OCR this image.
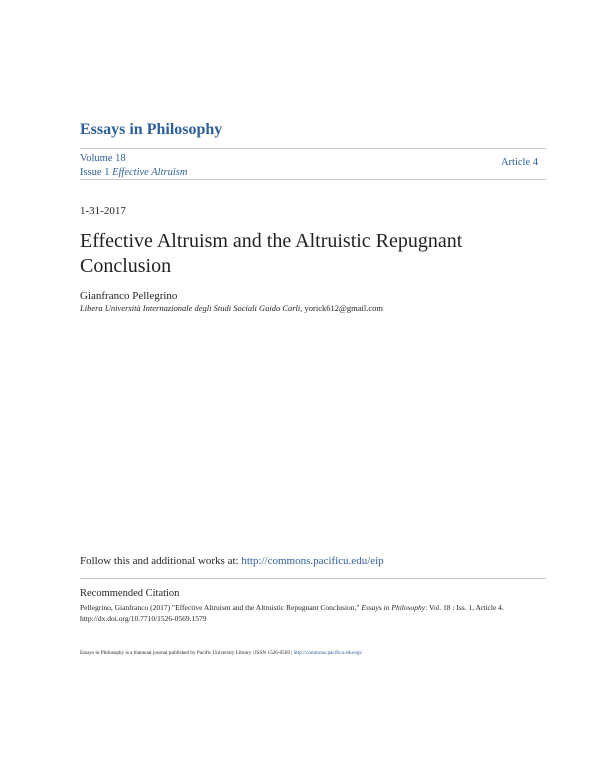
Essays in Philosophy
Volume 18
Issue 1 Effective Altruism
Article 4
1-31-2017
Effective Altruism and the Altruistic Repugnant Conclusion
Gianfranco Pellegrino
Libera Università Internazionale degli Studi Sociali Guido Carli, yorick612@gmail.com
Follow this and additional works at: http://commons.pacificu.edu/eip
Recommended Citation
Pellegrino, Gianfranco (2017) "Effective Altruism and the Altruistic Repugnant Conclusion," Essays in Philosophy: Vol. 18 : Iss. 1, Article 4. http://dx.doi.org/10.7710/1526-0569.1579
Essays in Philosophy is a biannual journal published by Pacific University Library | ISSN 1526-0569 | http://commons.pacificu.edu/eip/
